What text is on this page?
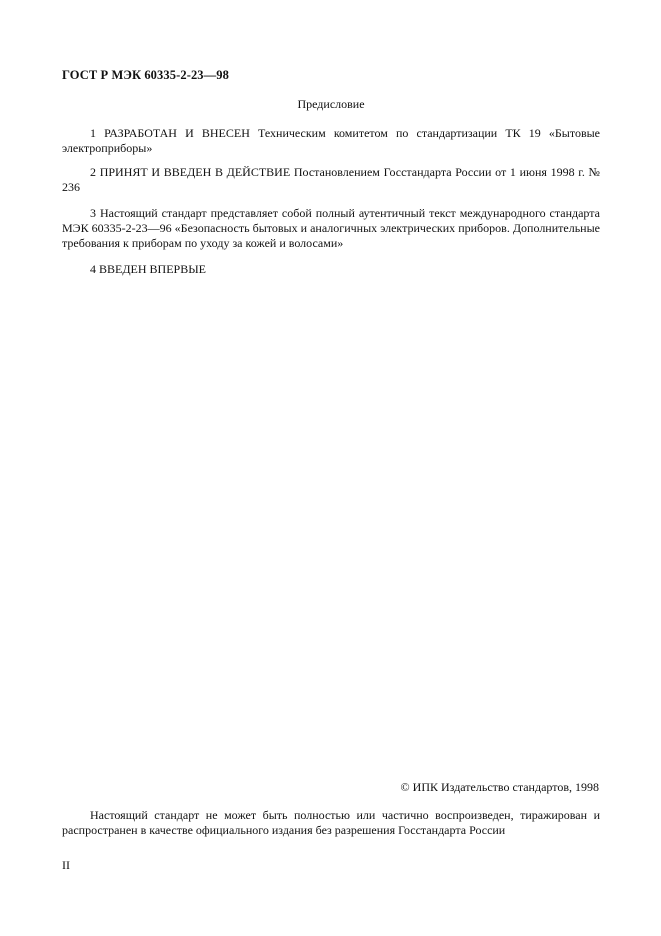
ГОСТ Р МЭК 60335-2-23—98
Предисловие
1 РАЗРАБОТАН И ВНЕСЕН Техническим комитетом по стандартизации ТК 19 «Бытовые электроприборы»
2 ПРИНЯТ И ВВЕДЕН В ДЕЙСТВИЕ Постановлением Госстандарта России от 1 июня 1998 г. № 236
3 Настоящий стандарт представляет собой полный аутентичный текст международного стандарта МЭК 60335-2-23—96 «Безопасность бытовых и аналогичных электрических приборов. Дополнительные требования к приборам по уходу за кожей и волосами»
4 ВВЕДЕН ВПЕРВЫЕ
© ИПК Издательство стандартов, 1998
Настоящий стандарт не может быть полностью или частично воспроизведен, тиражирован и распространен в качестве официального издания без разрешения Госстандарта России
II
